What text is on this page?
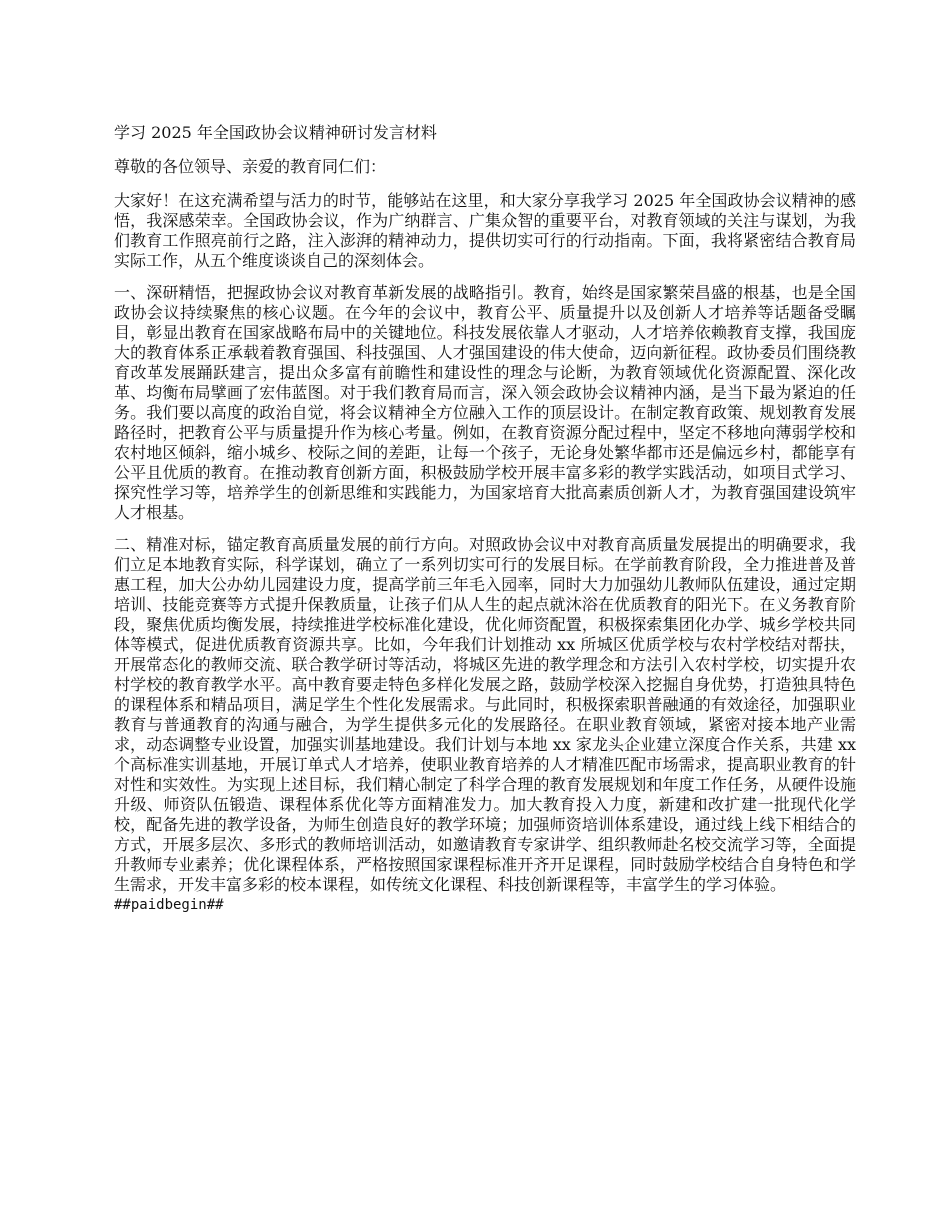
学习 2025 年全国政协会议精神研讨发言材料
尊敬的各位领导、亲爱的教育同仁们：

大家好！在这充满希望与活力的时节，能够站在这里，和大家分享我学习 2025 年全国政协会议精神的感悟，我深感荣幸。全国政协会议，作为广纳群言、广集众智的重要平台，对教育领域的关注与谋划，为我们教育工作照亮前行之路，注入澎湃的精神动力，提供切实可行的行动指南。下面，我将紧密结合教育局实际工作，从五个维度谈谈自己的深刻体会。

一、深研精悟，把握政协会议对教育革新发展的战略指引。教育，始终是国家繁荣昌盛的根基，也是全国政协会议持续聚焦的核心议题。在今年的会议中，教育公平、质量提升以及创新人才培养等话题备受瞩目，彰显出教育在国家战略布局中的关键地位。科技发展依靠人才驱动，人才培养依赖教育支撑，我国庞大的教育体系正承载着教育强国、科技强国、人才强国建设的伟大使命，迈向新征程。政协委员们围绕教育改革发展踊跃建言，提出众多富有前瞻性和建设性的理念与论断，为教育领域优化资源配置、深化改革、均衡布局擘画了宏伟蓝图。对于我们教育局而言，深入领会政协会议精神内涵，是当下最为紧迫的任务。我们要以高度的政治自觉，将会议精神全方位融入工作的顶层设计。在制定教育政策、规划教育发展路径时，把教育公平与质量提升作为核心考量。例如，在教育资源分配过程中，坚定不移地向薄弱学校和农村地区倾斜，缩小城乡、校际之间的差距，让每一个孩子，无论身处繁华都市还是偏远乡村，都能享有公平且优质的教育。在推动教育创新方面，积极鼓励学校开展丰富多彩的教学实践活动，如项目式学习、探究性学习等，培养学生的创新思维和实践能力，为国家培育大批高素质创新人才，为教育强国建设筑牢人才根基。

二、精准对标，锚定教育高质量发展的前行方向。对照政协会议中对教育高质量发展提出的明确要求，我们立足本地教育实际，科学谋划，确立了一系列切实可行的发展目标。在学前教育阶段，全力推进普及普惠工程，加大公办幼儿园建设力度，提高学前三年毛入园率，同时大力加强幼儿教师队伍建设，通过定期培训、技能竞赛等方式提升保教质量，让孩子们从人生的起点就沐浴在优质教育的阳光下。在义务教育阶段，聚焦优质均衡发展，持续推进学校标准化建设，优化师资配置，积极探索集团化办学、城乡学校共同体等模式，促进优质教育资源共享。比如，今年我们计划推动 xx 所城区优质学校与农村学校结对帮扶，开展常态化的教师交流、联合教学研讨等活动，将城区先进的教学理念和方法引入农村学校，切实提升农村学校的教育教学水平。高中教育要走特色多样化发展之路，鼓励学校深入挖掘自身优势，打造独具特色的课程体系和精品项目，满足学生个性化发展需求。与此同时，积极探索职普融通的有效途径，加强职业教育与普通教育的沟通与融合，为学生提供多元化的发展路径。在职业教育领域，紧密对接本地产业需求，动态调整专业设置，加强实训基地建设。我们计划与本地 xx 家龙头企业建立深度合作关系，共建 xx 个高标准实训基地，开展订单式人才培养，使职业教育培养的人才精准匹配市场需求，提高职业教育的针对性和实效性。为实现上述目标，我们精心制定了科学合理的教育发展规划和年度工作任务，从硬件设施升级、师资队伍锻造、课程体系优化等方面精准发力。加大教育投入力度，新建和改扩建一批现代化学校，配备先进的教学设备，为师生创造良好的教学环境；加强师资培训体系建设，通过线上线下相结合的方式，开展多层次、多形式的教师培训活动，如邀请教育专家讲学、组织教师赴名校交流学习等，全面提升教师专业素养；优化课程体系，严格按照国家课程标准开齐开足课程，同时鼓励学校结合自身特色和学生需求，开发丰富多彩的校本课程，如传统文化课程、科技创新课程等，丰富学生的学习体验。

##paidbegin##
